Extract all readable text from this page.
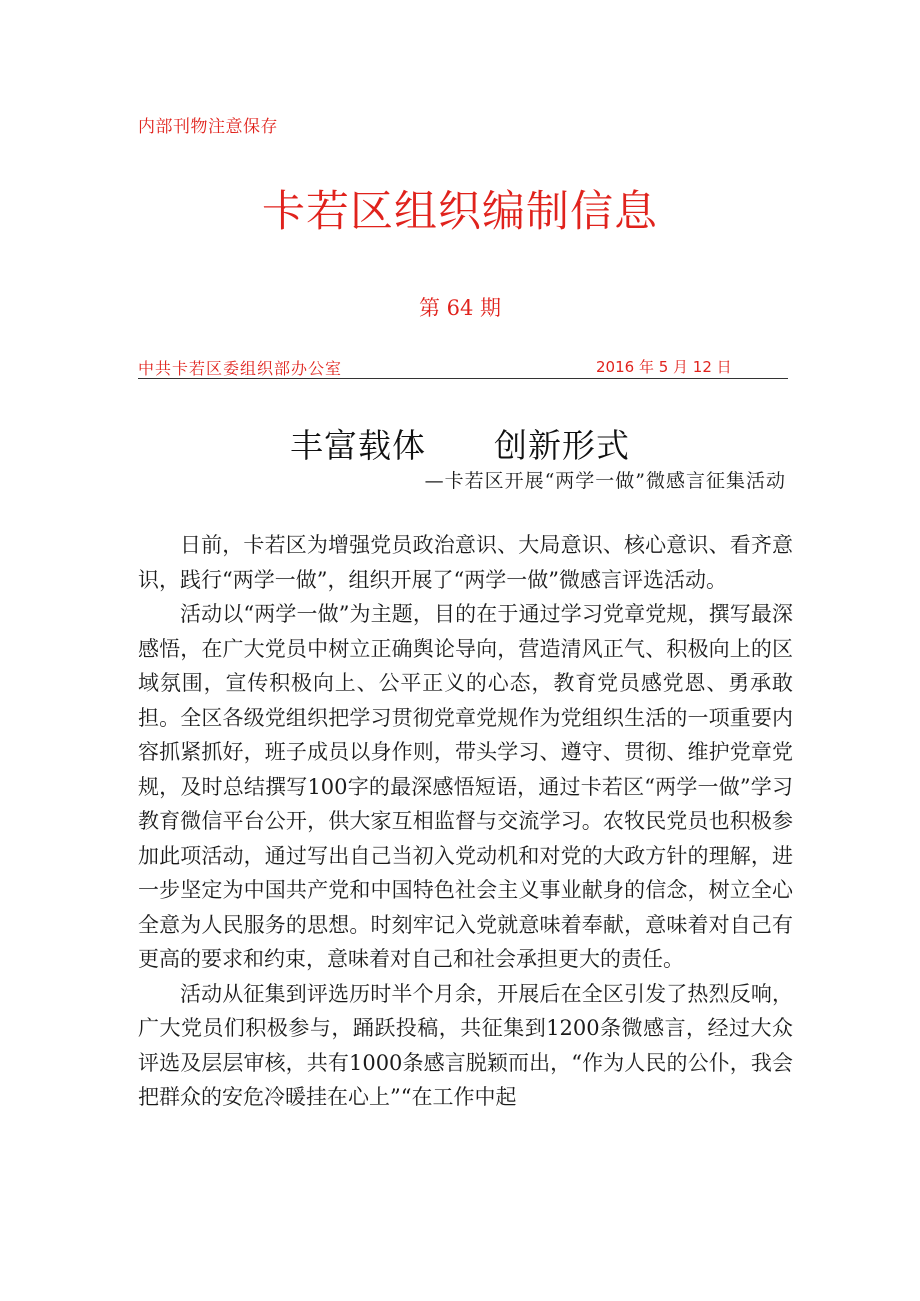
内部刊物注意保存
卡若区组织编制信息
第 64 期
中共卡若区委组织部办公室	2016 年 5 月 12 日
丰富载体　　创新形式
—卡若区开展“两学一做”微感言征集活动

日前，卡若区为增强党员政治意识、大局意识、核心意识、看齐意识，践行“两学一做”，组织开展了“两学一做”微感言评选活动。

活动以“两学一做”为主题，目的在于通过学习党章党规，撰写最深感悟，在广大党员中树立正确舆论导向，营造清风正气、积极向上的区域氛围，宣传积极向上、公平正义的心态，教育党员感党恩、勇承敢担。全区各级党组织把学习贯彻党章党规作为党组织生活的一项重要内容抓紧抓好，班子成员以身作则，带头学习、遵守、贯彻、维护党章党规，及时总结撰写100字的最深感悟短语，通过卡若区“两学一做”学习教育微信平台公开，供大家互相监督与交流学习。农牧民党员也积极参加此项活动，通过写出自己当初入党动机和对党的大政方针的理解，进一步坚定为中国共产党和中国特色社会主义事业献身的信念，树立全心全意为人民服务的思想。时刻牢记入党就意味着奉献，意味着对自己有更高的要求和约束，意味着对自己和社会承担更大的责任。

活动从征集到评选历时半个月余，开展后在全区引发了热烈反响，广大党员们积极参与，踊跃投稿，共征集到1200条微感言，经过大众评选及层层审核，共有1000条感言脱颖而出，“作为人民的公仆，我会把群众的安危冷暖挂在心上”“在工作中起
